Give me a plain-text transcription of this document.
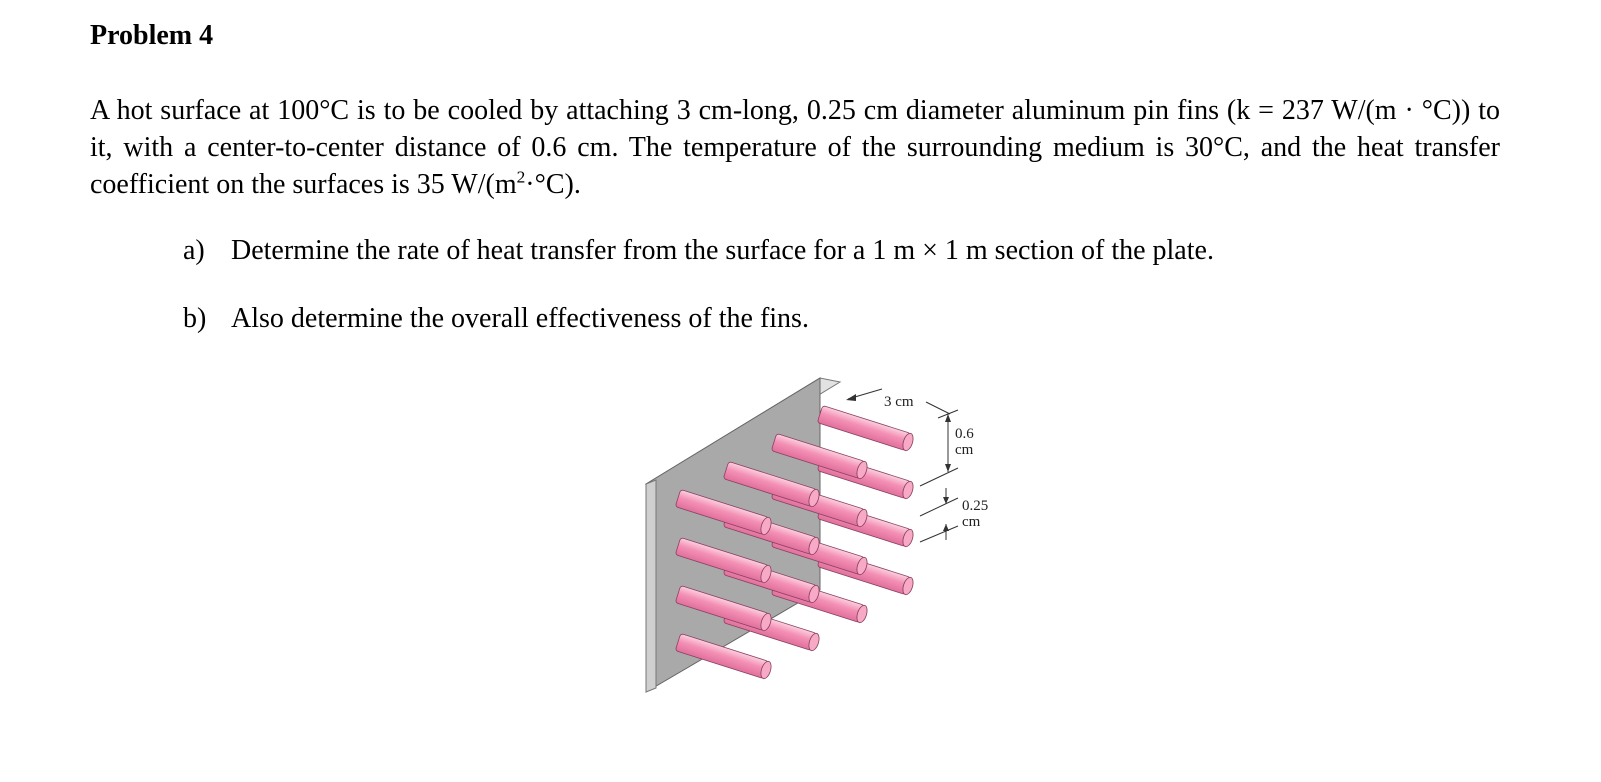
Problem 4

A hot surface at 100°C is to be cooled by attaching 3 cm-long, 0.25 cm diameter aluminum pin fins (k = 237 W/(m · °C)) to it, with a center-to-center distance of 0.6 cm. The temperature of the surrounding medium is 30°C, and the heat transfer coefficient on the surfaces is 35 $W/(m^2\cdot^\circ C)$.

a) Determine the rate of heat transfer from the surface for a 1 m × 1 m section of the plate.

b) Also determine the overall effectiveness of the fins.

3 cm
0.6
cm
0.25
cm
